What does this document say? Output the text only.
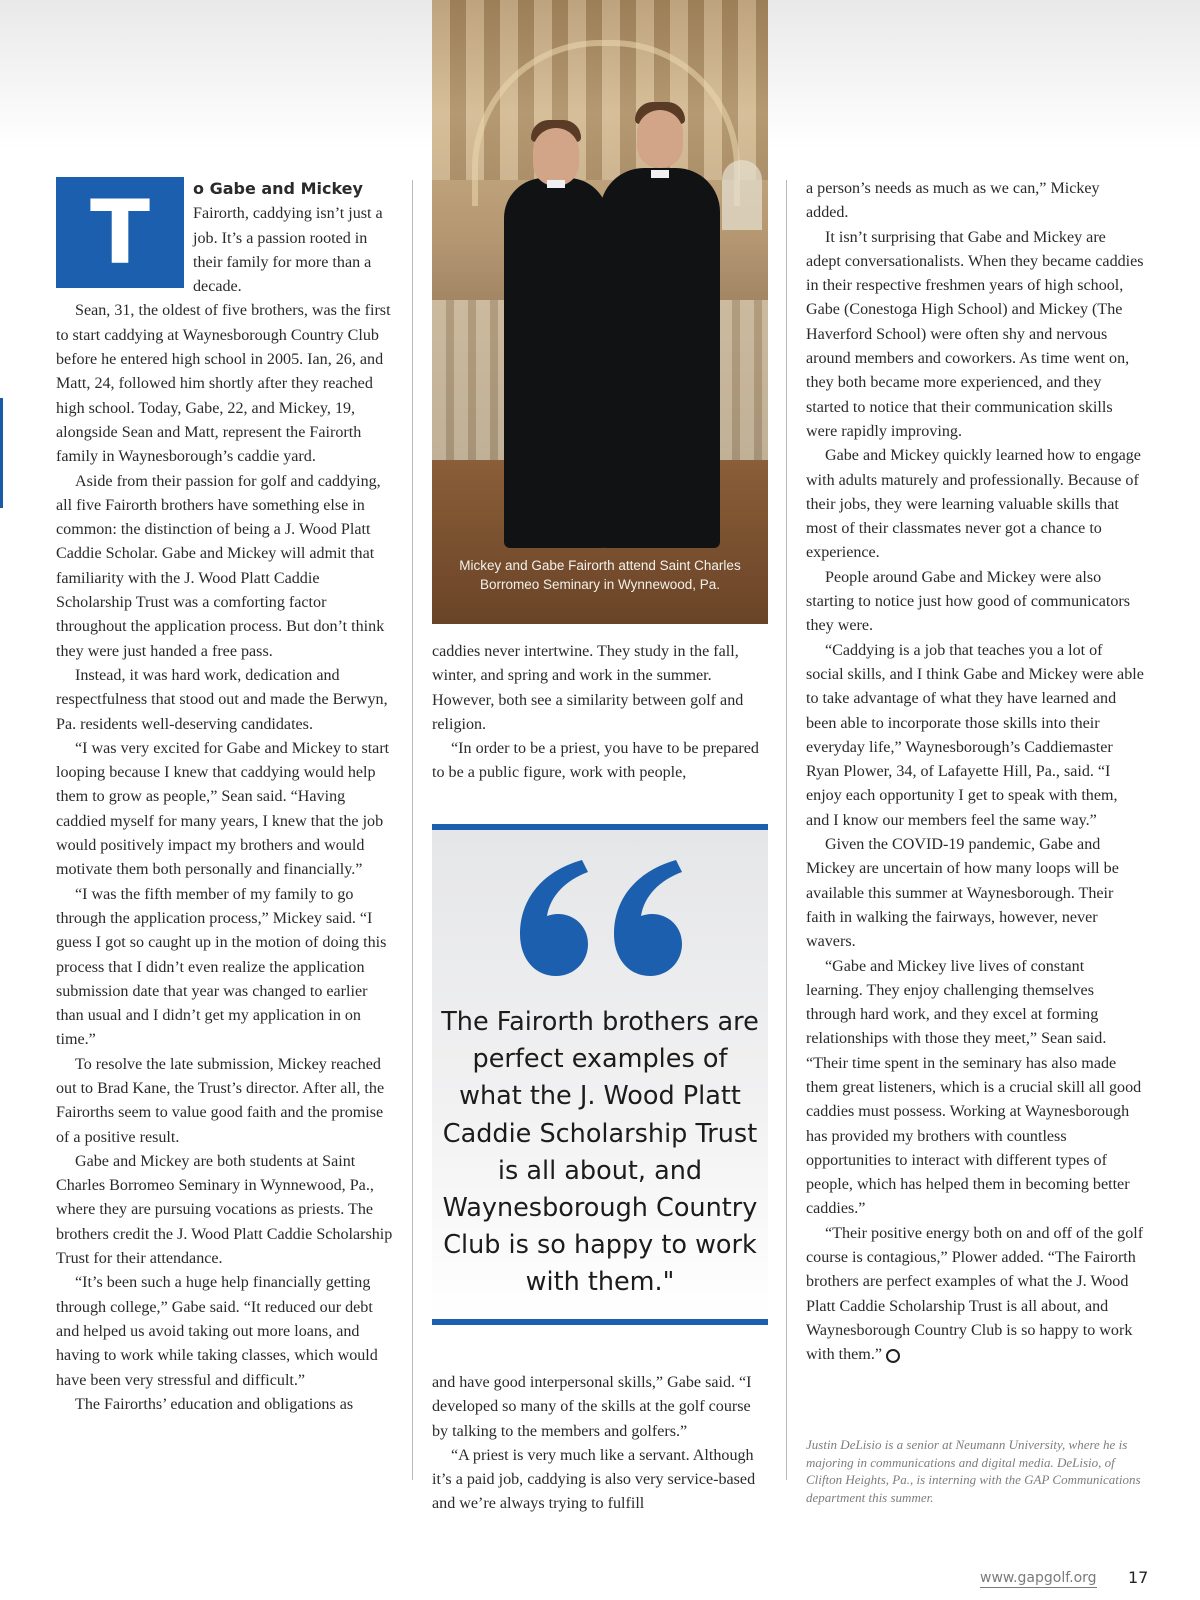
T	o Gabe and Mickey
Fairorth, caddying isn’t just a job. It’s a passion rooted in their family for more than a decade.

Sean, 31, the oldest of five brothers, was the first to start caddying at Waynesborough Country Club before he entered high school in 2005. Ian, 26, and Matt, 24, followed him shortly after they reached high school. Today, Gabe, 22, and Mickey, 19, alongside Sean and Matt, represent the Fairorth family in Waynesborough’s caddie yard.

Aside from their passion for golf and caddying, all five Fairorth brothers have something else in common: the distinction of being a J. Wood Platt Caddie Scholar. Gabe and Mickey will admit that familiarity with the J. Wood Platt Caddie Scholarship Trust was a comforting factor throughout the application process. But don’t think they were just handed a free pass.

Instead, it was hard work, dedication and respectfulness that stood out and made the Berwyn, Pa. residents well-deserving candidates.

“I was very excited for Gabe and Mickey to start looping because I knew that caddying would help them to grow as people,” Sean said. “Having caddied myself for many years, I knew that the job would positively impact my brothers and would motivate them both personally and financially.”

“I was the fifth member of my family to go through the application process,” Mickey said. “I guess I got so caught up in the motion of doing this process that I didn’t even realize the application submission date that year was changed to earlier than usual and I didn’t get my application in on time.”

To resolve the late submission, Mickey reached out to Brad Kane, the Trust’s director. After all, the Fairorths seem to value good faith and the promise of a positive result.

Gabe and Mickey are both students at Saint Charles Borromeo Seminary in Wynnewood, Pa., where they are pursuing vocations as priests. The brothers credit the J. Wood Platt Caddie Scholarship Trust for their attendance.

“It’s been such a huge help financially getting through college,” Gabe said. “It reduced our debt and helped us avoid taking out more loans, and having to work while taking classes, which would have been very stressful and difficult.”

The Fairorths’ education and obligations as

Mickey and Gabe Fairorth attend Saint Charles Borromeo Seminary in Wynnewood, Pa.

caddies never intertwine. They study in the fall, winter, and spring and work in the summer. However, both see a similarity between golf and religion.

“In order to be a priest, you have to be prepared to be a public figure, work with people,

The Fairorth brothers are perfect examples of what the J. Wood Platt Caddie Scholarship Trust is all about, and Waynesborough Country Club is so happy to work with them."

and have good interpersonal skills,” Gabe said. “I developed so many of the skills at the golf course by talking to the members and golfers.”

“A priest is very much like a servant. Although it’s a paid job, caddying is also very service-based and we’re always trying to fulfill

a person’s needs as much as we can,” Mickey added.

It isn’t surprising that Gabe and Mickey are adept conversationalists. When they became caddies in their respective freshmen years of high school, Gabe (Conestoga High School) and Mickey (The Haverford School) were often shy and nervous around members and coworkers. As time went on, they both became more experienced, and they started to notice that their communication skills were rapidly improving.

Gabe and Mickey quickly learned how to engage with adults maturely and professionally. Because of their jobs, they were learning valuable skills that most of their classmates never got a chance to experience.

People around Gabe and Mickey were also starting to notice just how good of communicators they were.

“Caddying is a job that teaches you a lot of social skills, and I think Gabe and Mickey were able to take advantage of what they have learned and been able to incorporate those skills into their everyday life,” Waynesborough’s Caddiemaster Ryan Plower, 34, of Lafayette Hill, Pa., said. “I enjoy each opportunity I get to speak with them, and I know our members feel the same way.”

Given the COVID-19 pandemic, Gabe and Mickey are uncertain of how many loops will be available this summer at Waynesborough. Their faith in walking the fairways, however, never wavers.

“Gabe and Mickey live lives of constant learning. They enjoy challenging themselves through hard work, and they excel at forming relationships with those they meet,” Sean said. “Their time spent in the seminary has also made them great listeners, which is a crucial skill all good caddies must possess. Working at Waynesborough has provided my brothers with countless opportunities to interact with different types of people, which has helped them in becoming better caddies.”

“Their positive energy both on and off of the golf course is contagious,” Plower added. “The Fairorth brothers are perfect examples of what the J. Wood Platt Caddie Scholarship Trust is all about, and Waynesborough Country Club is so happy to work with them.”

Justin DeLisio is a senior at Neumann University, where he is majoring in communications and digital media. DeLisio, of Clifton Heights, Pa., is interning with the GAP Communications department this summer.
www.gapgolf.org 17
